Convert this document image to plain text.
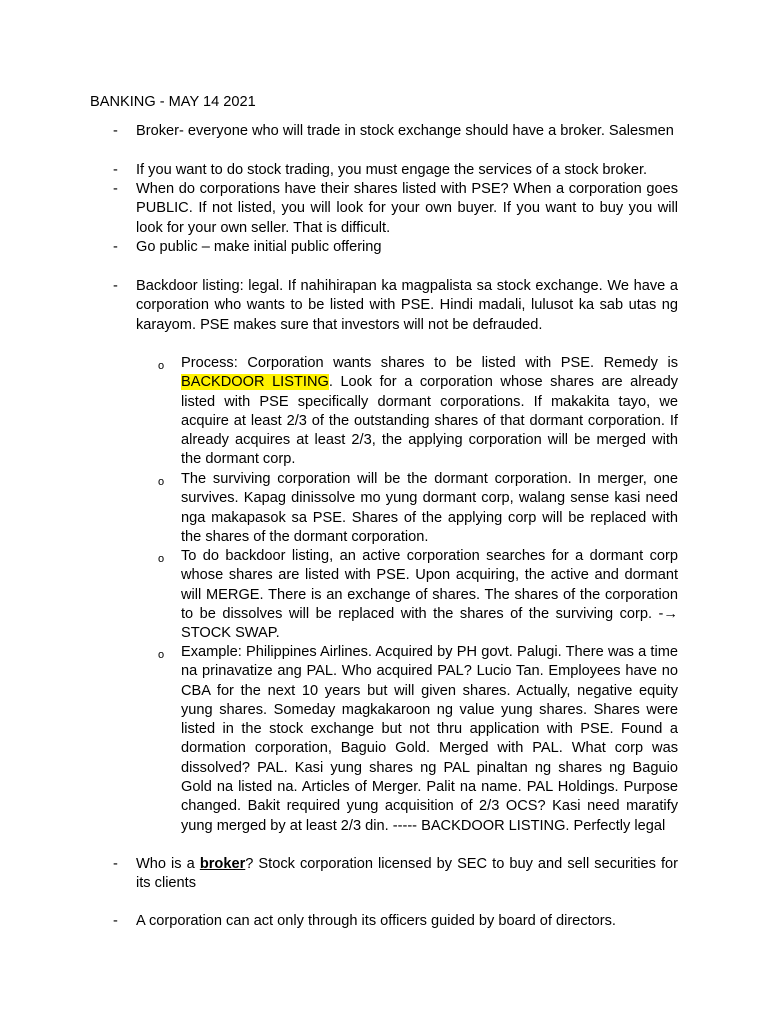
BANKING - MAY 14 2021
- Broker- everyone who will trade in stock exchange should have a broker. Salesmen
- If you want to do stock trading, you must engage the services of a stock broker.
- When do corporations have their shares listed with PSE? When a corporation goes PUBLIC. If not listed, you will look for your own buyer. If you want to buy you will look for your own seller. That is difficult.
- Go public – make initial public offering
- Backdoor listing: legal. If nahihirapan ka magpalista sa stock exchange. We have a corporation who wants to be listed with PSE. Hindi madali, lulusot ka sab utas ng karayom. PSE makes sure that investors will not be defrauded.
o Process: Corporation wants shares to be listed with PSE. Remedy is BACKDOOR LISTING. Look for a corporation whose shares are already listed with PSE specifically dormant corporations. If makakita tayo, we acquire at least 2/3 of the outstanding shares of that dormant corporation. If already acquires at least 2/3, the applying corporation will be merged with the dormant corp.
o The surviving corporation will be the dormant corporation. In merger, one survives. Kapag dinissolve mo yung dormant corp, walang sense kasi need nga makapasok sa PSE. Shares of the applying corp will be replaced with the shares of the dormant corporation.
o To do backdoor listing, an active corporation searches for a dormant corp whose shares are listed with PSE. Upon acquiring, the active and dormant will MERGE. There is an exchange of shares. The shares of the corporation to be dissolves will be replaced with the shares of the surviving corp. -→ STOCK SWAP.
o Example: Philippines Airlines. Acquired by PH govt. Palugi. There was a time na prinavatize ang PAL. Who acquired PAL? Lucio Tan. Employees have no CBA for the next 10 years but will given shares. Actually, negative equity yung shares. Someday magkakaroon ng value yung shares. Shares were listed in the stock exchange but not thru application with PSE. Found a dormation corporation, Baguio Gold. Merged with PAL. What corp was dissolved? PAL. Kasi yung shares ng PAL pinaltan ng shares ng Baguio Gold na listed na. Articles of Merger. Palit na name. PAL Holdings. Purpose changed. Bakit required yung acquisition of 2/3 OCS? Kasi need maratify yung merged by at least 2/3 din. ----- BACKDOOR LISTING. Perfectly legal
- Who is a broker? Stock corporation licensed by SEC to buy and sell securities for its clients
- A corporation can act only through its officers guided by board of directors.
